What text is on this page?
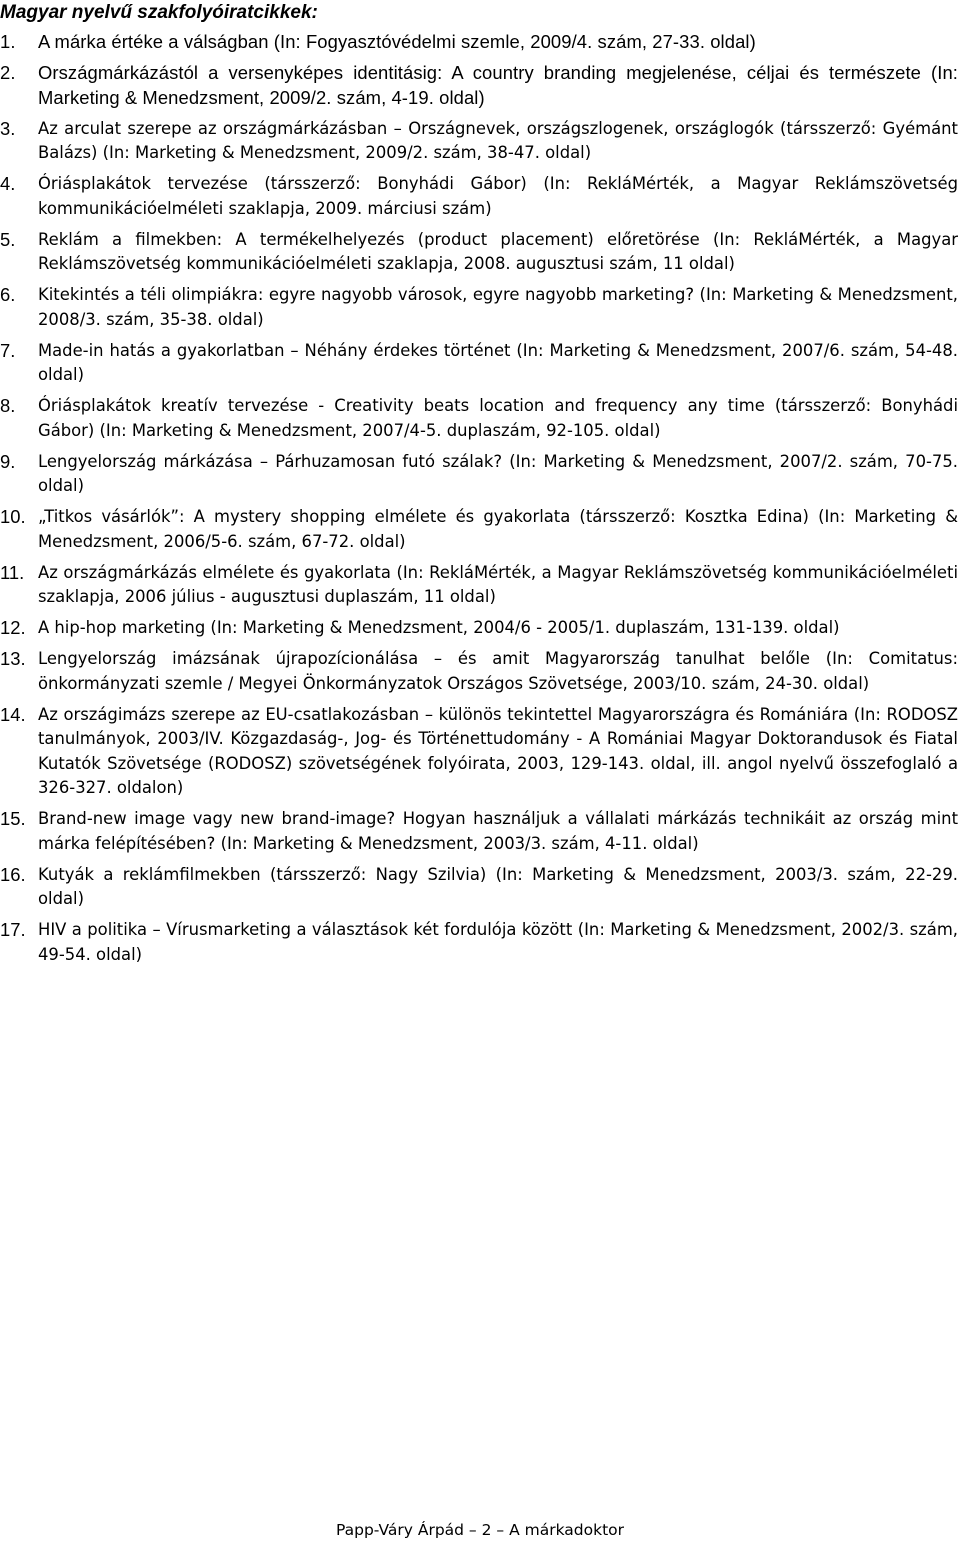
Magyar nyelvű szakfolyóiratcikkek:
1. A márka értéke a válságban (In: Fogyasztóvédelmi szemle, 2009/4. szám, 27-33. oldal)
2. Országmárkázástól a versenyképes identitásig: A country branding megjelenése, céljai és természete (In: Marketing & Menedzsment, 2009/2. szám, 4-19. oldal)
3. Az arculat szerepe az országmárkázásban – Országnevek, országszlogenek, országlogók (társszerző: Gyémánt Balázs) (In: Marketing & Menedzsment, 2009/2. szám, 38-47. oldal)
4. Óriásplakátok tervezése (társszerző: Bonyhádi Gábor) (In: RekláMérték, a Magyar Reklámszövetség kommunikációelméleti szaklapja, 2009. márciusi szám)
5. Reklám a filmekben: A termékelhelyezés (product placement) előretörése (In: RekláMérték, a Magyar Reklámszövetség kommunikációelméleti szaklapja, 2008. augusztusi szám, 11 oldal)
6. Kitekintés a téli olimpiákra: egyre nagyobb városok, egyre nagyobb marketing? (In: Marketing & Menedzsment, 2008/3. szám, 35-38. oldal)
7. Made-in hatás a gyakorlatban – Néhány érdekes történet (In: Marketing & Menedzsment, 2007/6. szám, 54-48. oldal)
8. Óriásplakátok kreatív tervezése - Creativity beats location and frequency any time (társszerző: Bonyhádi Gábor) (In: Marketing & Menedzsment, 2007/4-5. duplaszám, 92-105. oldal)
9. Lengyelország márkázása – Párhuzamosan futó szálak? (In: Marketing & Menedzsment, 2007/2. szám, 70-75. oldal)
10. „Titkos vásárlók”: A mystery shopping elmélete és gyakorlata (társszerző: Kosztka Edina) (In: Marketing & Menedzsment, 2006/5-6. szám, 67-72. oldal)
11. Az országmárkázás elmélete és gyakorlata (In: RekláMérték, a Magyar Reklámszövetség kommunikációelméleti szaklapja, 2006 július - augusztusi duplaszám, 11 oldal)
12. A hip-hop marketing (In: Marketing & Menedzsment, 2004/6 - 2005/1. duplaszám, 131-139. oldal)
13. Lengyelország imázsának újrapozícionálása – és amit Magyarország tanulhat belőle (In: Comitatus: önkormányzati szemle / Megyei Önkormányzatok Országos Szövetsége, 2003/10. szám, 24-30. oldal)
14. Az országimázs szerepe az EU-csatlakozásban – különös tekintettel Magyarországra és Romániára (In: RODOSZ tanulmányok, 2003/IV. Közgazdaság-, Jog- és Történettudomány - A Romániai Magyar Doktorandusok és Fiatal Kutatók Szövetsége (RODOSZ) szövetségének folyóirata, 2003, 129-143. oldal, ill. angol nyelvű összefoglaló a 326-327. oldalon)
15. Brand-new image vagy new brand-image? Hogyan használjuk a vállalati márkázás technikáit az ország mint márka felépítésében? (In: Marketing & Menedzsment, 2003/3. szám, 4-11. oldal)
16. Kutyák a reklámfilmekben (társszerző: Nagy Szilvia) (In: Marketing & Menedzsment, 2003/3. szám, 22-29. oldal)
17. HIV a politika – Vírusmarketing a választások két fordulója között (In: Marketing & Menedzsment, 2002/3. szám, 49-54. oldal)
Papp-Váry Árpád – 2 – A márkadoktor
